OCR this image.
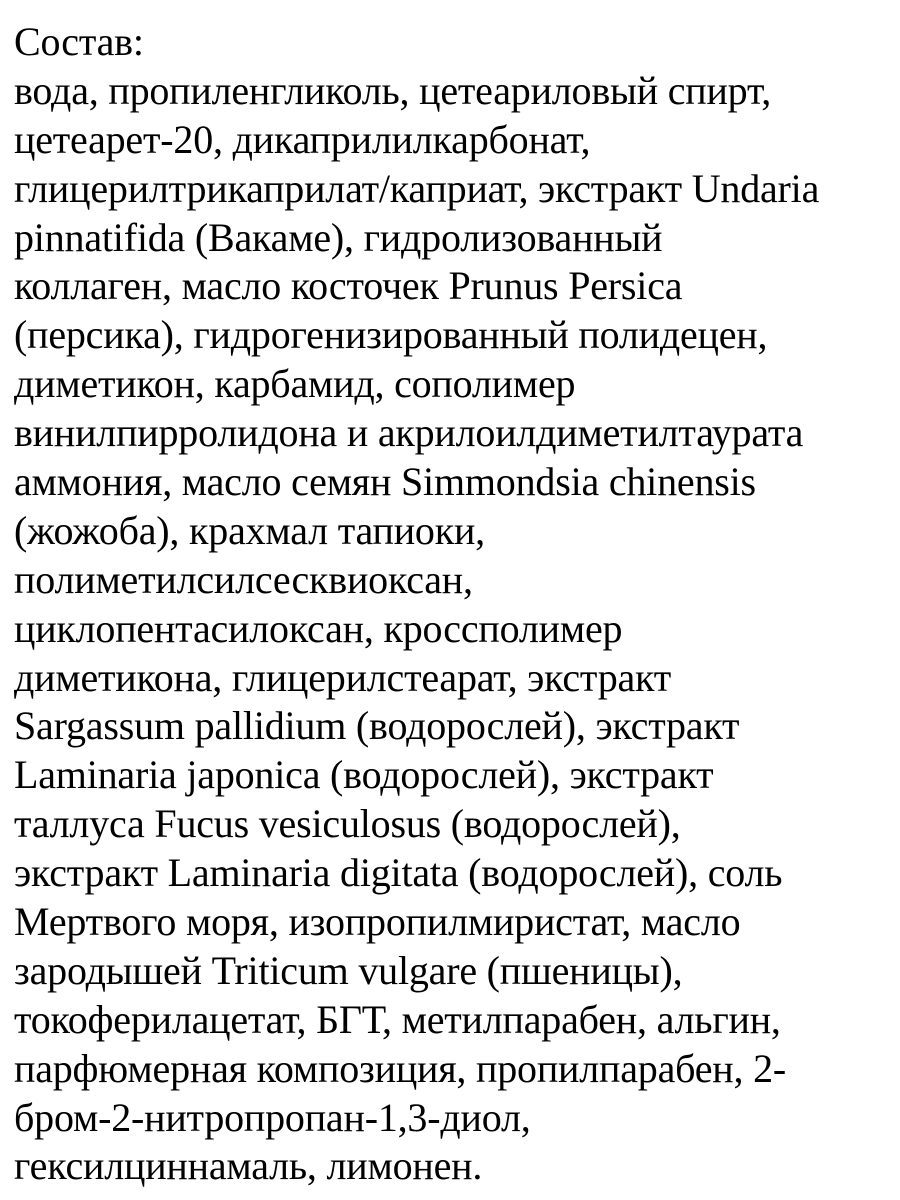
Состав:
вода, пропиленгликоль, цетеариловый спирт,
цетеарет-20, дикаприлилкарбонат,
глицерилтрикаприлат/каприат, экстракт Undaria
pinnatifida (Вакаме), гидролизованный
коллаген, масло косточек Prunus Persica
(персика), гидрогенизированный полидецен,
диметикон, карбамид, сополимер
винилпирролидона и акрилоилдиметилтаурата
аммония, масло семян Simmondsia chinensis
(жожоба), крахмал тапиоки,
полиметилсилсесквиоксан,
циклопентасилоксан, кроссполимер
диметикона, глицерилстеарат, экстракт
Sargassum pallidium (водорослей), экстракт
Laminaria japonica (водорослей), экстракт
таллуса Fucus vesiculosus (водорослей),
экстракт Laminaria digitata (водорослей), соль
Мертвого моря, изопропилмиристат, масло
зародышей Triticum vulgare (пшеницы),
токоферилацетат, БГТ, метилпарабен, альгин,
парфюмерная композиция, пропилпарабен, 2-
бром-2-нитропропан-1,3-диол,
гексилциннамаль, лимонен.
